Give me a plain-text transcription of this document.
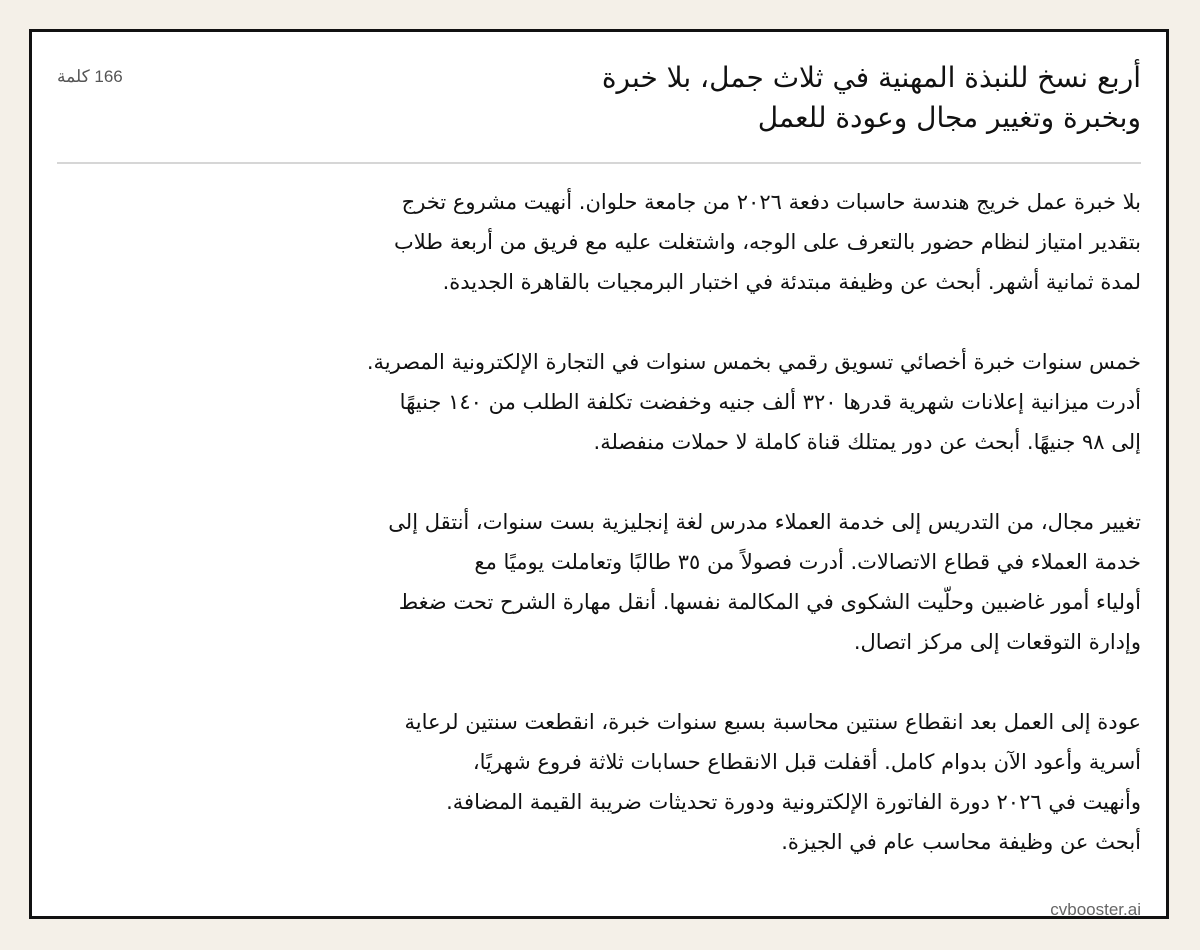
أربع نسخ للنبذة المهنية في ثلاث جمل، بلا خبرة
وبخبرة وتغيير مجال وعودة للعمل
166 كلمة

بلا خبرة عمل خريج هندسة حاسبات دفعة ٢٠٢٦ من جامعة حلوان. أنهيت مشروع تخرج
بتقدير امتياز لنظام حضور بالتعرف على الوجه، واشتغلت عليه مع فريق من أربعة طلاب
لمدة ثمانية أشهر. أبحث عن وظيفة مبتدئة في اختبار البرمجيات بالقاهرة الجديدة.

خمس سنوات خبرة أخصائي تسويق رقمي بخمس سنوات في التجارة الإلكترونية المصرية.
أدرت ميزانية إعلانات شهرية قدرها ٣٢٠ ألف جنيه وخفضت تكلفة الطلب من ١٤٠ جنيهًا
إلى ٩٨ جنيهًا. أبحث عن دور يمتلك قناة كاملة لا حملات منفصلة.

تغيير مجال، من التدريس إلى خدمة العملاء مدرس لغة إنجليزية بست سنوات، أنتقل إلى
خدمة العملاء في قطاع الاتصالات. أدرت فصولاً من ٣٥ طالبًا وتعاملت يوميًا مع
أولياء أمور غاضبين وحلّيت الشكوى في المكالمة نفسها. أنقل مهارة الشرح تحت ضغط
وإدارة التوقعات إلى مركز اتصال.

عودة إلى العمل بعد انقطاع سنتين محاسبة بسبع سنوات خبرة، انقطعت سنتين لرعاية
أسرية وأعود الآن بدوام كامل. أقفلت قبل الانقطاع حسابات ثلاثة فروع شهريًا،
وأنهيت في ٢٠٢٦ دورة الفاتورة الإلكترونية ودورة تحديثات ضريبة القيمة المضافة.
أبحث عن وظيفة محاسب عام في الجيزة.

cvbooster.ai
